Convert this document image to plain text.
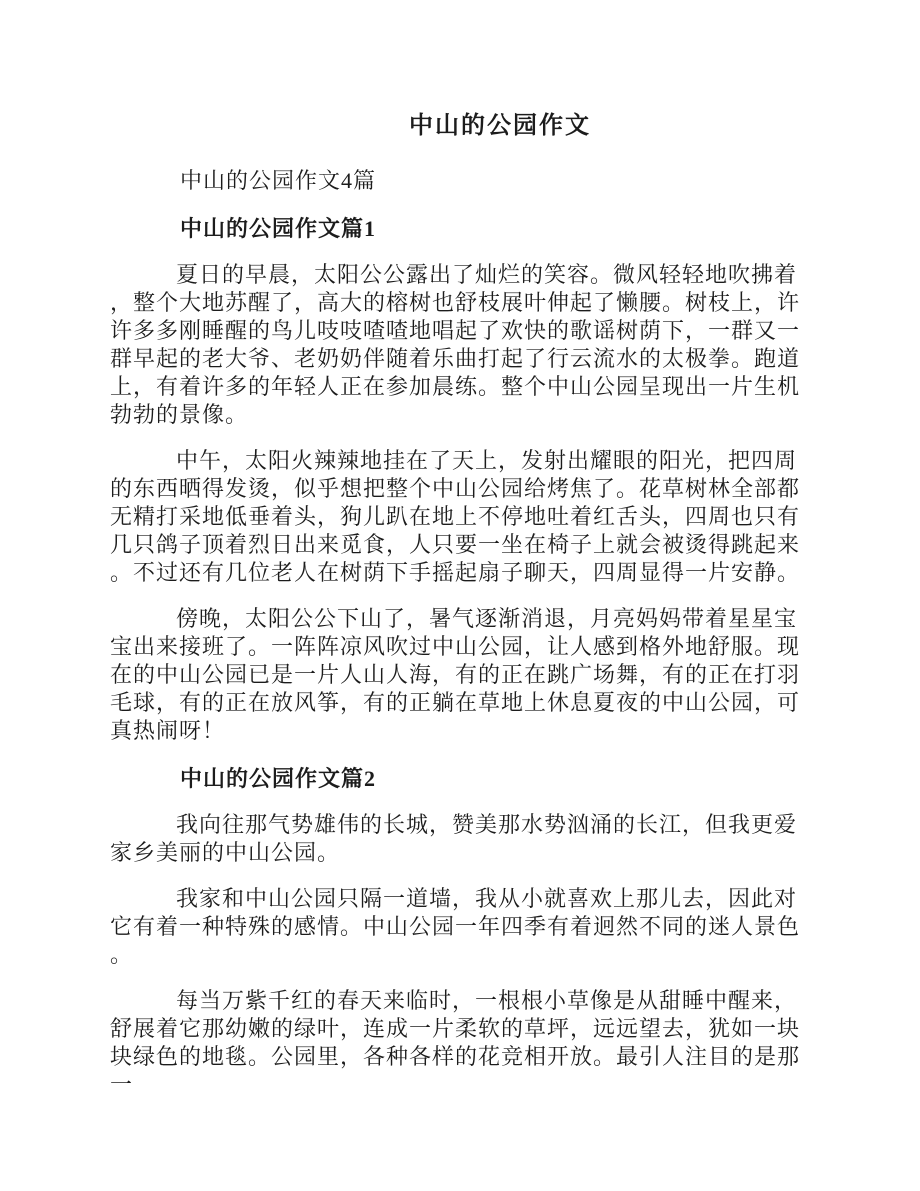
中山的公园作文
中山的公园作文4篇
中山的公园作文篇1

夏日的早晨，太阳公公露出了灿烂的笑容。微风轻轻地吹拂着，整个大地苏醒了，高大的榕树也舒枝展叶伸起了懒腰。树枝上，许许多多刚睡醒的鸟儿吱吱喳喳地唱起了欢快的歌谣树荫下，一群又一群早起的老大爷、老奶奶伴随着乐曲打起了行云流水的太极拳。跑道上，有着许多的年轻人正在参加晨练。整个中山公园呈现出一片生机勃勃的景像。

中午，太阳火辣辣地挂在了天上，发射出耀眼的阳光，把四周的东西晒得发烫，似乎想把整个中山公园给烤焦了。花草树林全部都无精打采地低垂着头，狗儿趴在地上不停地吐着红舌头，四周也只有几只鸽子顶着烈日出来觅食，人只要一坐在椅子上就会被烫得跳起来。不过还有几位老人在树荫下手摇起扇子聊天，四周显得一片安静。

傍晚，太阳公公下山了，暑气逐渐消退，月亮妈妈带着星星宝宝出来接班了。一阵阵凉风吹过中山公园，让人感到格外地舒服。现在的中山公园已是一片人山人海，有的正在跳广场舞，有的正在打羽毛球，有的正在放风筝，有的正躺在草地上休息夏夜的中山公园，可真热闹呀！

中山的公园作文篇2

我向往那气势雄伟的长城，赞美那水势汹涌的长江，但我更爱家乡美丽的中山公园。

我家和中山公园只隔一道墙，我从小就喜欢上那儿去，因此对它有着一种特殊的感情。中山公园一年四季有着迥然不同的迷人景色。

每当万紫千红的春天来临时，一根根小草像是从甜睡中醒来，舒展着它那幼嫩的绿叶，连成一片柔软的草坪，远远望去，犹如一块块绿色的地毯。公园里，各种各样的花竞相开放。最引人注目的是那一
